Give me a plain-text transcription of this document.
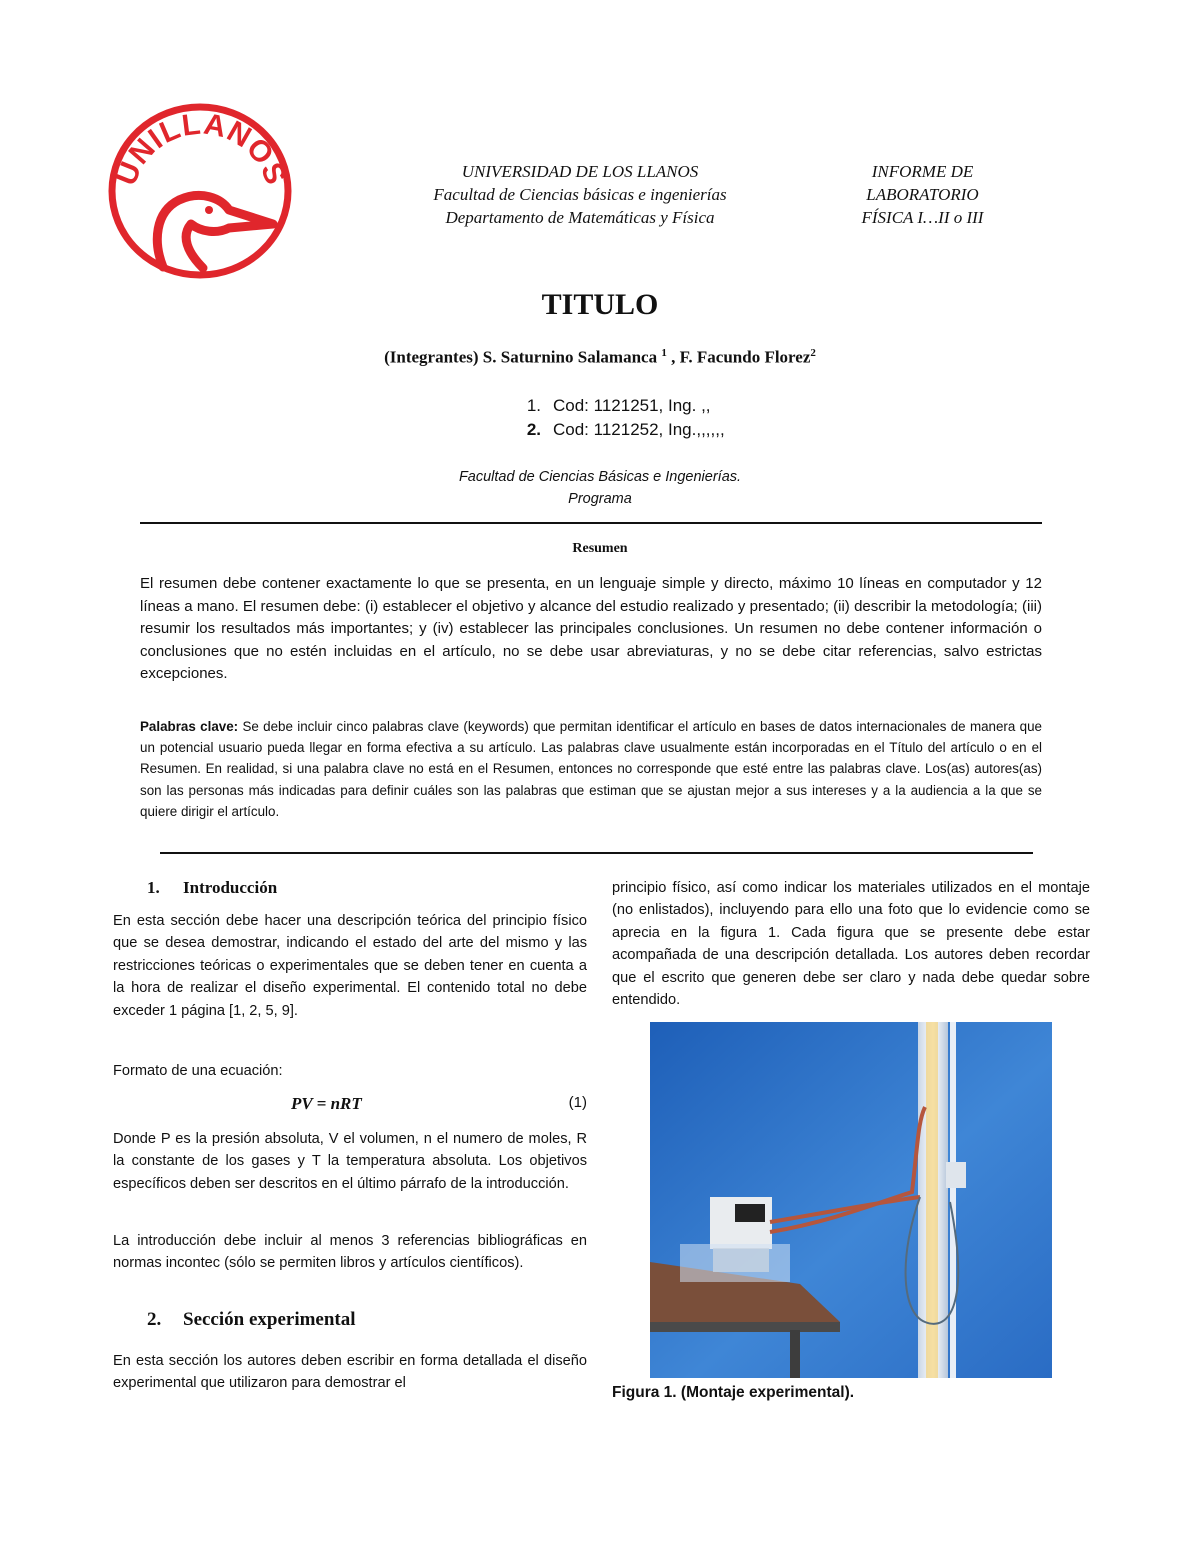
UNILLANOS	UNIVERSIDAD DE LOS LLANOS
Facultad de Ciencias básicas e ingenierías
Departamento de Matemáticas y Física
INFORME DE
LABORATORIO
FÍSICA I…II o III
TITULO
(Integrantes) S. Saturnino Salamanca $^1$ , F. Facundo Florez$^2$
1. Cod: 1121251, Ing. ,,
2. Cod: 1121252, Ing.,,,,,,
Facultad de Ciencias Básicas e Ingenierías.
Programa
Resumen
El resumen debe contener exactamente lo que se presenta, en un lenguaje simple y directo, máximo 10 líneas en computador y 12 líneas a mano. El resumen debe: (i) establecer el objetivo y alcance del estudio realizado y presentado; (ii) describir la metodología; (iii) resumir los resultados más importantes; y (iv) establecer las principales conclusiones. Un resumen no debe contener información o conclusiones que no estén incluidas en el artículo, no se debe usar abreviaturas, y no se debe citar referencias, salvo estrictas excepciones.
Palabras clave: Se debe incluir cinco palabras clave (keywords) que permitan identificar el artículo en bases de datos internacionales de manera que un potencial usuario pueda llegar en forma efectiva a su artículo. Las palabras clave usualmente están incorporadas en el Título del artículo o en el Resumen. En realidad, si una palabra clave no está en el Resumen, entonces no corresponde que esté entre las palabras clave. Los(as) autores(as) son las personas más indicadas para definir cuáles son las palabras que estiman que se ajustan mejor a sus intereses y a la audiencia a la que se quiere dirigir el artículo.
1. Introducción
En esta sección debe hacer una descripción teórica del principio físico que se desea demostrar, indicando el estado del arte del mismo y las restricciones teóricas o experimentales que se deben tener en cuenta a la hora de realizar el diseño experimental. El contenido total no debe exceder 1 página [1, 2, 5, 9].
Formato de una ecuación:
PV = nRT	(1)
Donde P es la presión absoluta, V el volumen, n el numero de moles, R la constante de los gases y T la temperatura absoluta. Los objetivos específicos deben ser descritos en el último párrafo de la introducción.
La introducción debe incluir al menos 3 referencias bibliográficas en normas incontec (sólo se permiten libros y artículos científicos).
2. Sección experimental
En esta sección los autores deben escribir en forma detallada el diseño experimental que utilizaron para demostrar el
principio físico, así como indicar los materiales utilizados en el montaje (no enlistados), incluyendo para ello una foto que lo evidencie como se aprecia en la figura 1. Cada figura que se presente debe estar acompañada de una descripción detallada. Los autores deben recordar que el escrito que generen debe ser claro y nada debe quedar sobre entendido.
Figura 1. (Montaje experimental).
